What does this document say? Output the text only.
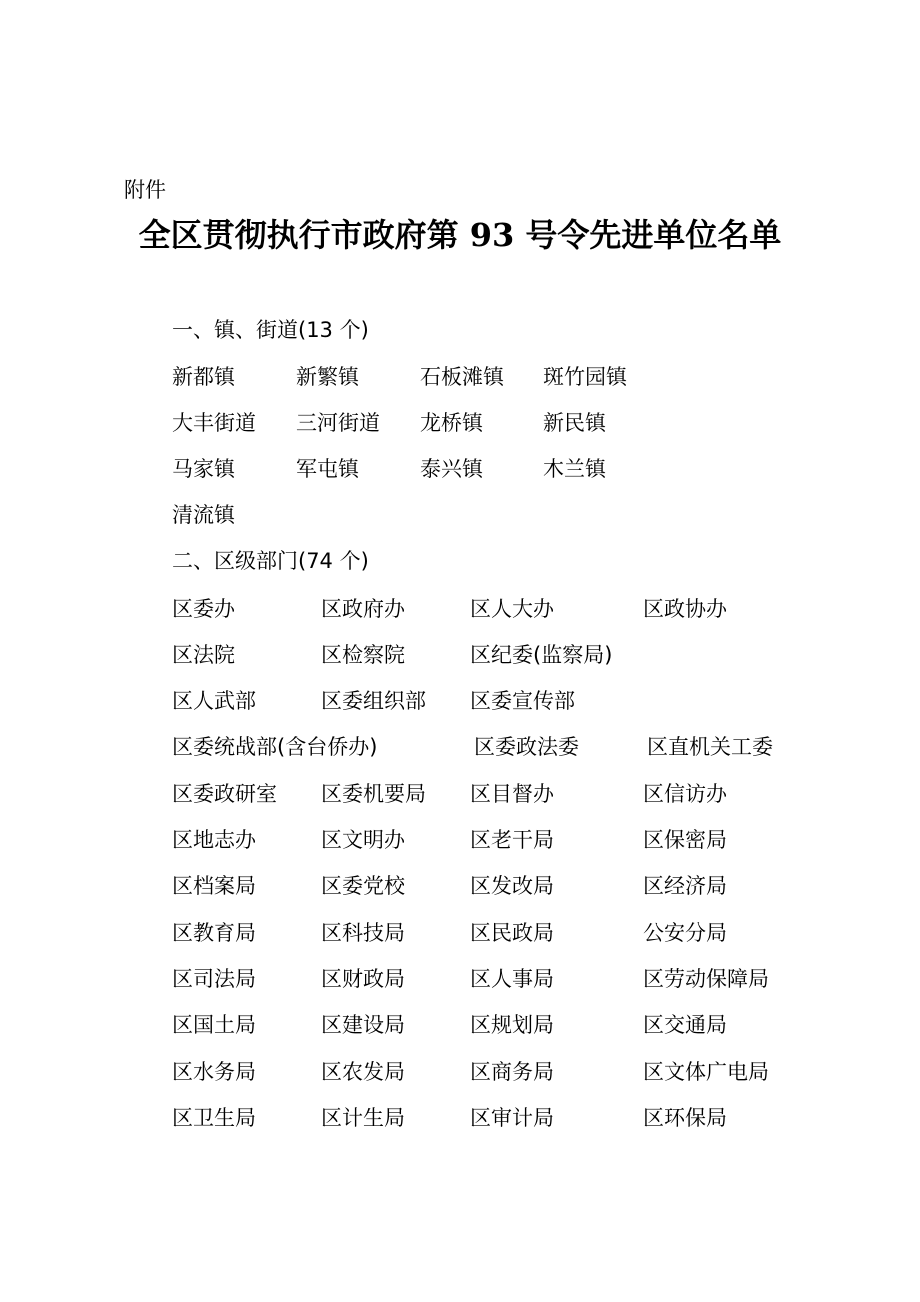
附件
全区贯彻执行市政府第 93 号令先进单位名单
一、镇、街道(13 个)
新都镇	新繁镇	石板滩镇 斑竹园镇
大丰街道 三河街道 龙桥镇	新民镇
马家镇	军屯镇	泰兴镇	木兰镇
清流镇
二、区级部门(74 个)
区委办	区政府办	区人大办	区政协办
区法院	区检察院	区纪委(监察局)
区人武部	区委组织部 区委宣传部
区委统战部(含台侨办)	区委政法委	区直机关工委
区委政研室 区委机要局 区目督办	区信访办
区地志办	区文明办	区老干局	区保密局
区档案局	区委党校	区发改局	区经济局
区教育局	区科技局	区民政局	公安分局
区司法局	区财政局	区人事局	区劳动保障局
区国土局	区建设局	区规划局	区交通局
区水务局	区农发局	区商务局	区文体广电局
区卫生局	区计生局	区审计局	区环保局
